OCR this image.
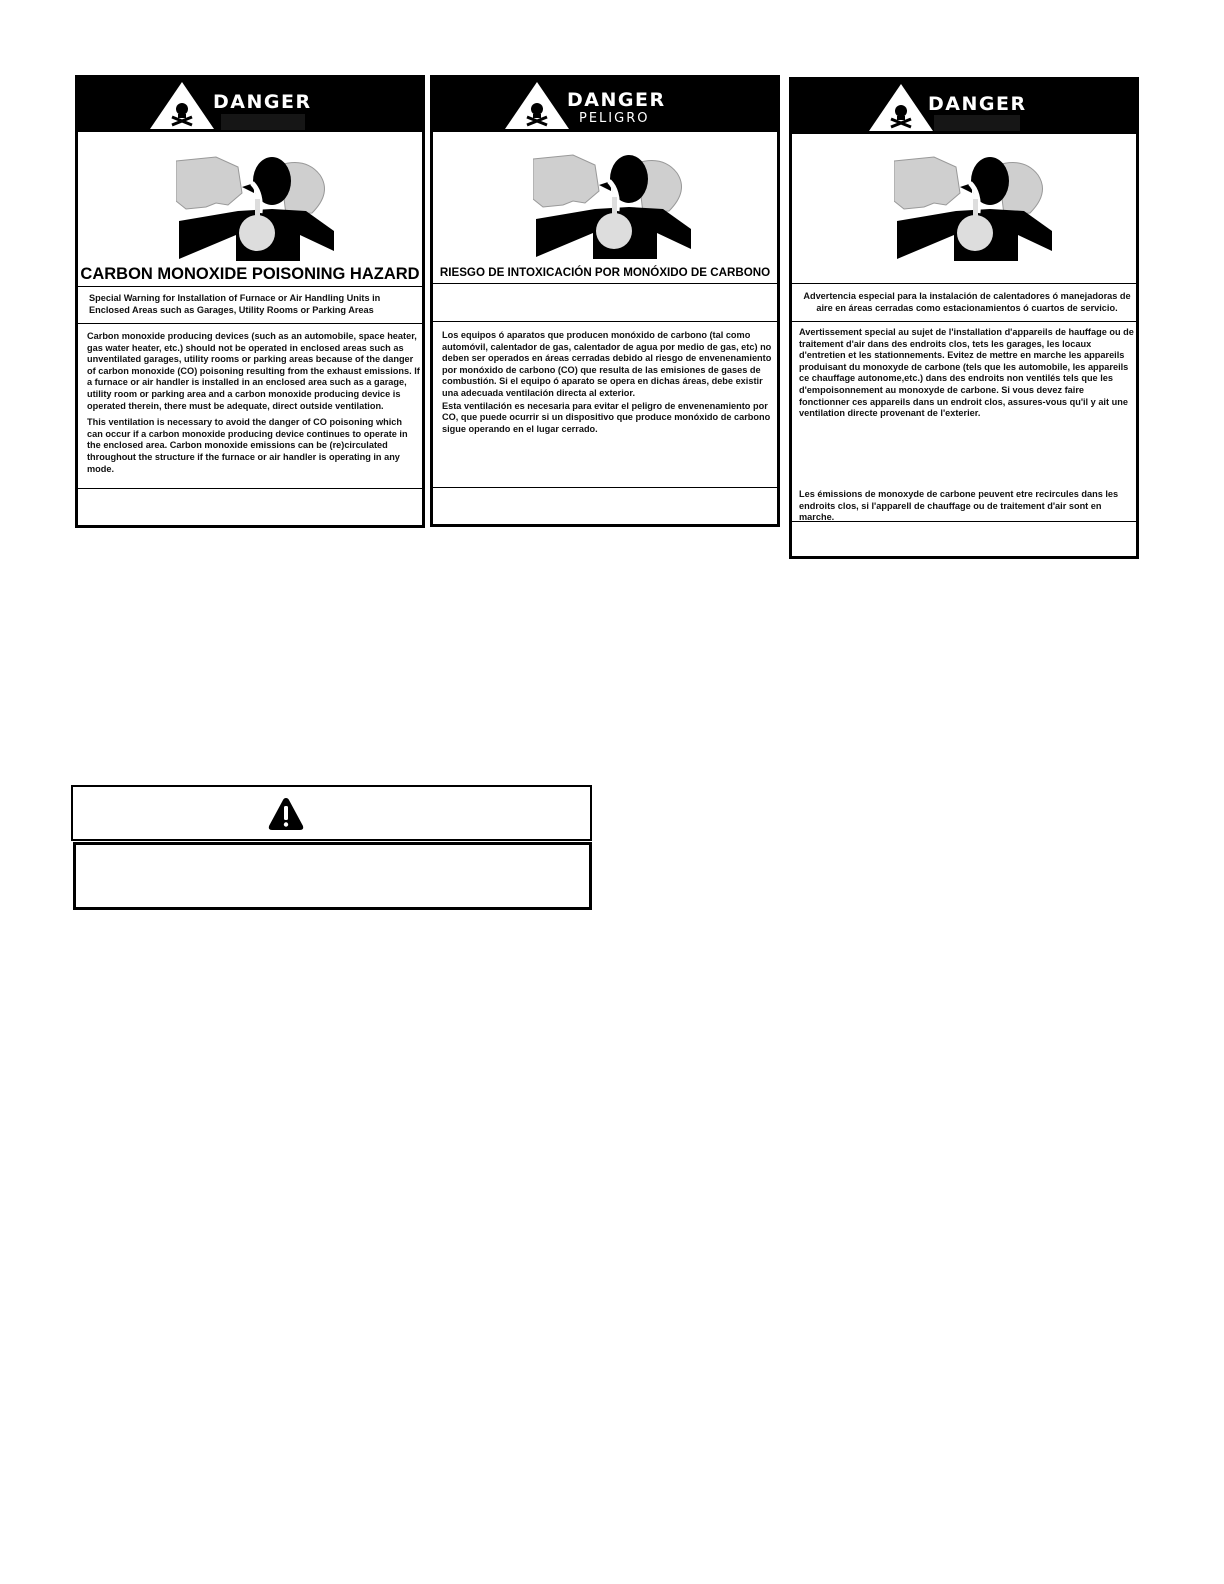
DANGER
CARBON MONOXIDE POISONING HAZARD

Special Warning for Installation of Furnace or Air Handling Units in Enclosed Areas such as Garages, Utility Rooms or Parking Areas

Carbon monoxide producing devices (such as an automobile, space heater, gas water heater, etc.) should not be operated in enclosed areas such as unventilated garages, utility rooms or parking areas because of the danger of carbon monoxide (CO) poisoning resulting from the exhaust emissions. If a furnace or air handler is installed in an enclosed area such as a garage, utility room or parking area and a carbon monoxide producing device is operated therein, there must be adequate, direct outside ventilation.

This ventilation is necessary to avoid the danger of CO poisoning which can occur if a carbon monoxide producing device continues to operate in the enclosed area. Carbon monoxide emissions can be (re)circulated throughout the structure if the furnace or air handler is operating in any mode.

DANGER
PELIGRO
RIESGO DE INTOXICACIÓN POR MONÓXIDO DE CARBONO

Los equipos ó aparatos que producen monóxido de carbono (tal como automóvil, calentador de gas, calentador de agua por medio de gas, etc) no deben ser operados en áreas cerradas debido al riesgo de envenenamiento por monóxido de carbono (CO) que resulta de las emisiones de gases de combustión. Si el equipo ó aparato se opera en dichas áreas, debe existir una adecuada ventilación directa al exterior.

Esta ventilación es necesaria para evitar el peligro de envenenamiento por CO, que puede ocurrir si un dispositivo que produce monóxido de carbono sigue operando en el lugar cerrado.

DANGER

Advertencia especial para la instalación de calentadores ó manejadoras de aire en áreas cerradas como estacionamientos ó cuartos de servicio.

Avertissement special au sujet de l'installation d'appareils de hauffage ou de traitement d'air dans des endroits clos, tets les garages, les locaux d'entretien et les stationnements. Evitez de mettre en marche les appareils produisant du monoxyde de carbone (tels que les automobile, les appareils ce chauffage autonome,etc.) dans des endroits non ventilés tels que les d'empoisonnement au monoxyde de carbone. Si vous devez faire fonctionner ces appareils dans un endroit clos, assures-vous qu'il y ait une ventilation directe provenant de l'exterier.

Les émissions de monoxyde de carbone peuvent etre recircules dans les endroits clos, si l'apparell de chauffage ou de traitement d'air sont en marche.
